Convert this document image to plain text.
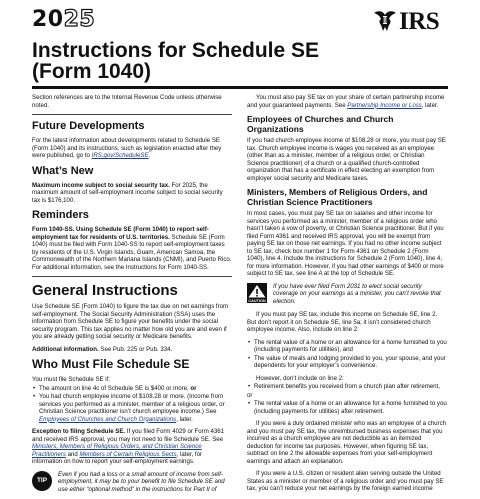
2025	IRS
Instructions for Schedule SE
(Form 1040)

Section references are to the Internal Revenue Code unless otherwise noted.

Future Developments

For the latest information about developments related to Schedule SE (Form 1040) and its instructions, such as legislation enacted after they were published, go to IRS.gov/ScheduleSE.

What’s New

Maximum income subject to social security tax. For 2025, the maximum amount of self-employment income subject to social security tax is $176,100.

Reminders

Form 1040-SS. Using Schedule SE (Form 1040) to report self-employment tax for residents of U.S. territories. Schedule SE (Form 1040) must be filed with Form 1040-SS to report self-employment taxes by residents of the U.S. Virgin Islands, Guam, American Samoa, the Commonwealth of the Northern Mariana Islands (CNMI), and Puerto Rico. For additional information, see the Instructions for Form 1040-SS.

General Instructions

Use Schedule SE (Form 1040) to figure the tax due on net earnings from self-employment. The Social Security Administration (SSA) uses the information from Schedule SE to figure your benefits under the social security program. This tax applies no matter how old you are and even if you are already getting social security or Medicare benefits.

Additional information. See Pub. 225 or Pub. 334.

Who Must File Schedule SE

You must file Schedule SE if:

• The amount on line 4c of Schedule SE is $400 or more, or

• You had church employee income of $108.28 or more. (Income from services you performed as a minister, member of a religious order, or Christian Science practitioner isn’t church employee income.) See Employees of Churches and Church Organizations, later.

Exception to filing Schedule SE. If you filed Form 4029 or Form 4361 and received IRS approval, you may not need to file Schedule SE. See Ministers, Members of Religious Orders, and Christian Science Practitioners and Members of Certain Religious Sects, later, for information on how to report your self-employment earnings.

TIP
Even if you had a loss or a small amount of income from self-employment, it may be to your benefit to file Schedule SE and use either “optional method” in the instructions for Part II of

You must also pay SE tax on your share of certain partnership income and your guaranteed payments. See Partnership Income or Loss, later.

Employees of Churches and Church Organizations

If you had church employee income of $108.28 or more, you must pay SE tax. Church employee income is wages you received as an employee (other than as a minister, member of a religious order, or Christian Science practitioner) of a church or a qualified church-controlled organization that has a certificate in effect electing an exemption from employer social security and Medicare taxes.

Ministers, Members of Religious Orders, and Christian Science Practitioners

In most cases, you must pay SE tax on salaries and other income for services you performed as a minister, member of a religious order who hasn’t taken a vow of poverty, or Christian Science practitioner. But if you filed Form 4361 and received IRS approval, you will be exempt from paying SE tax on those net earnings. If you had no other income subject to SE tax, check box number 1 for Form 4361 on Schedule 2 (Form 1040), line 4. Include the instructions for Schedule 2 (Form 1040), line 4, for more information. However, if you had other earnings of $400 or more subject to SE tax, see line A at the top of Schedule SE.

CAUTION
If you have ever filed Form 2031 to elect social security coverage on your earnings as a minister, you can’t revoke that election.

If you must pay SE tax, include this income on Schedule SE, line 2. But don’t report it on Schedule SE, line 5a; it isn’t considered church employee income. Also, include on line 2:

• The rental value of a home or an allowance for a home furnished to you (including payments for utilities), and

• The value of meals and lodging provided to you, your spouse, and your dependents for your employer’s convenience.

However, don’t include on line 2:

• Retirement benefits you received from a church plan after retirement,

or

• The rental value of a home or an allowance for a home furnished to you (including payments for utilities) after retirement.

If you were a duly ordained minister who was an employee of a church and you must pay SE tax, the unreimbursed business expenses that you incurred as a church employee are not deductible as an itemized deduction for income tax purposes. However, when figuring SE tax, subtract on line 2 the allowable expenses from your self-employment earnings and attach an explanation.

If you were a U.S. citizen or resident alien serving outside the United States as a minister or member of a religious order and you must pay SE tax, you can’t reduce your net earnings by the foreign earned income
